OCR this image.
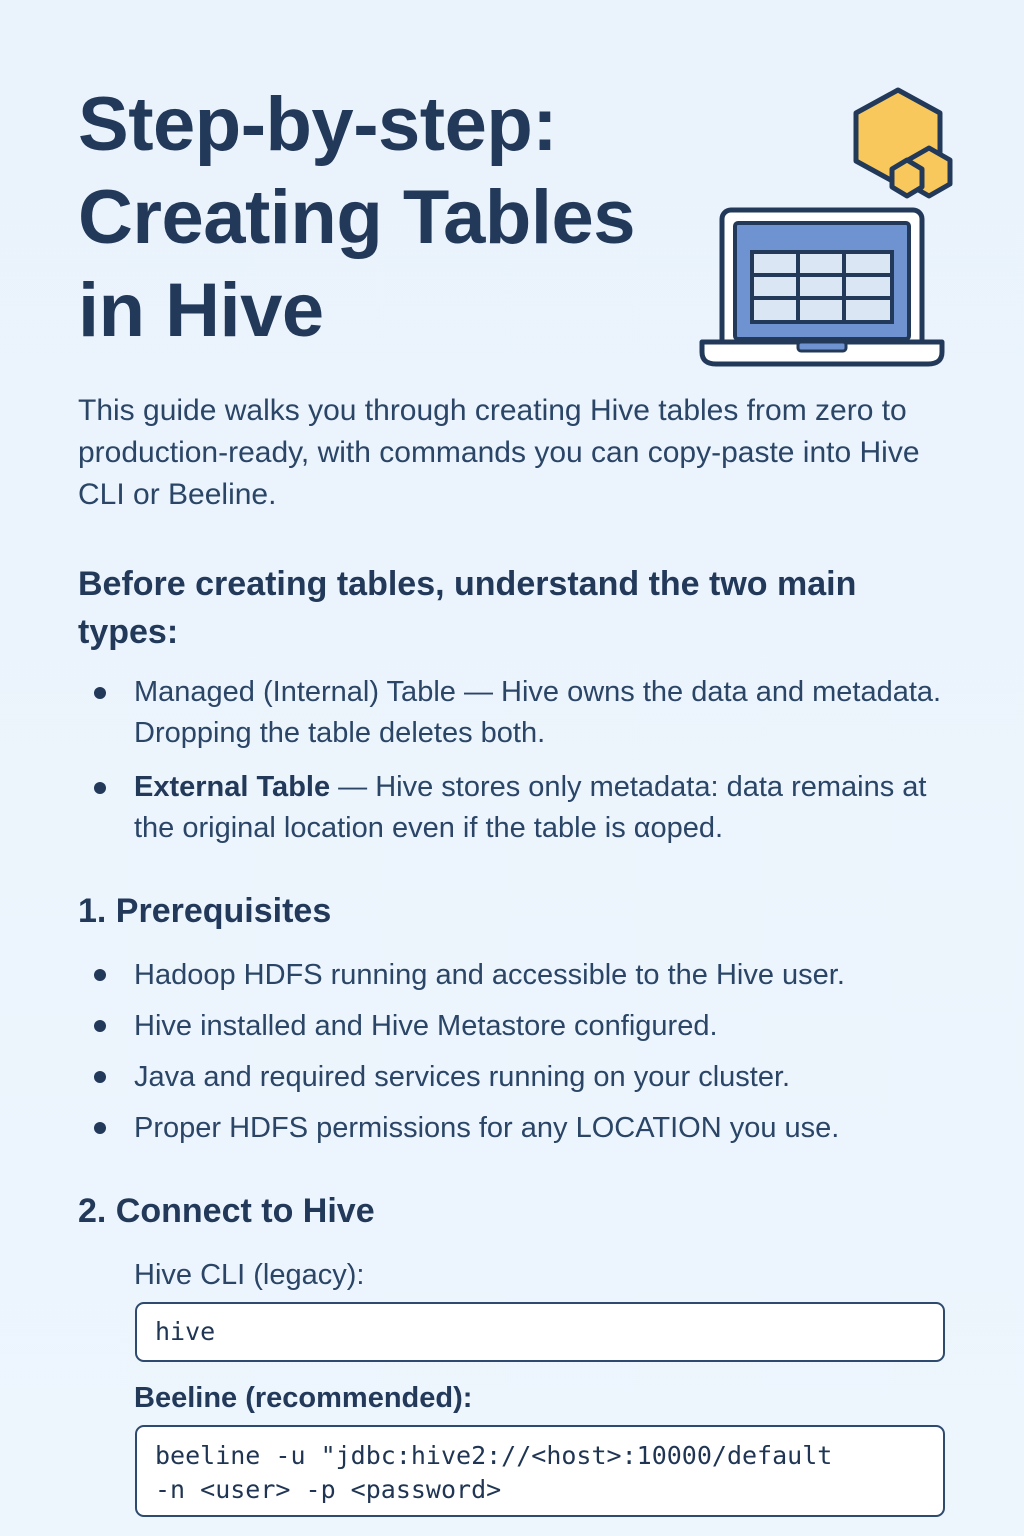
Step-by-step: Creating Tables in Hive

This guide walks you through creating Hive tables from zero to production-ready, with commands you can copy-paste into Hive CLI or Beeline.

Before creating tables, understand the two main types:
Managed (Internal) Table — Hive owns the data and metadata. Dropping the table deletes both.
External Table — Hive stores only metadata: data remains at the original location even if the table is αoped.
1. Prerequisites
Hadoop HDFS running and accessible to the Hive user.
Hive installed and Hive Metastore configured.
Java and required services running on your cluster.
Proper HDFS permissions for any LOCATION you use.
2. Connect to Hive

Hive CLI (legacy):

hive

Beeline (recommended):

beeline -u "jdbc:hive2://<host>:10000/default
-n <user> -p <password>
